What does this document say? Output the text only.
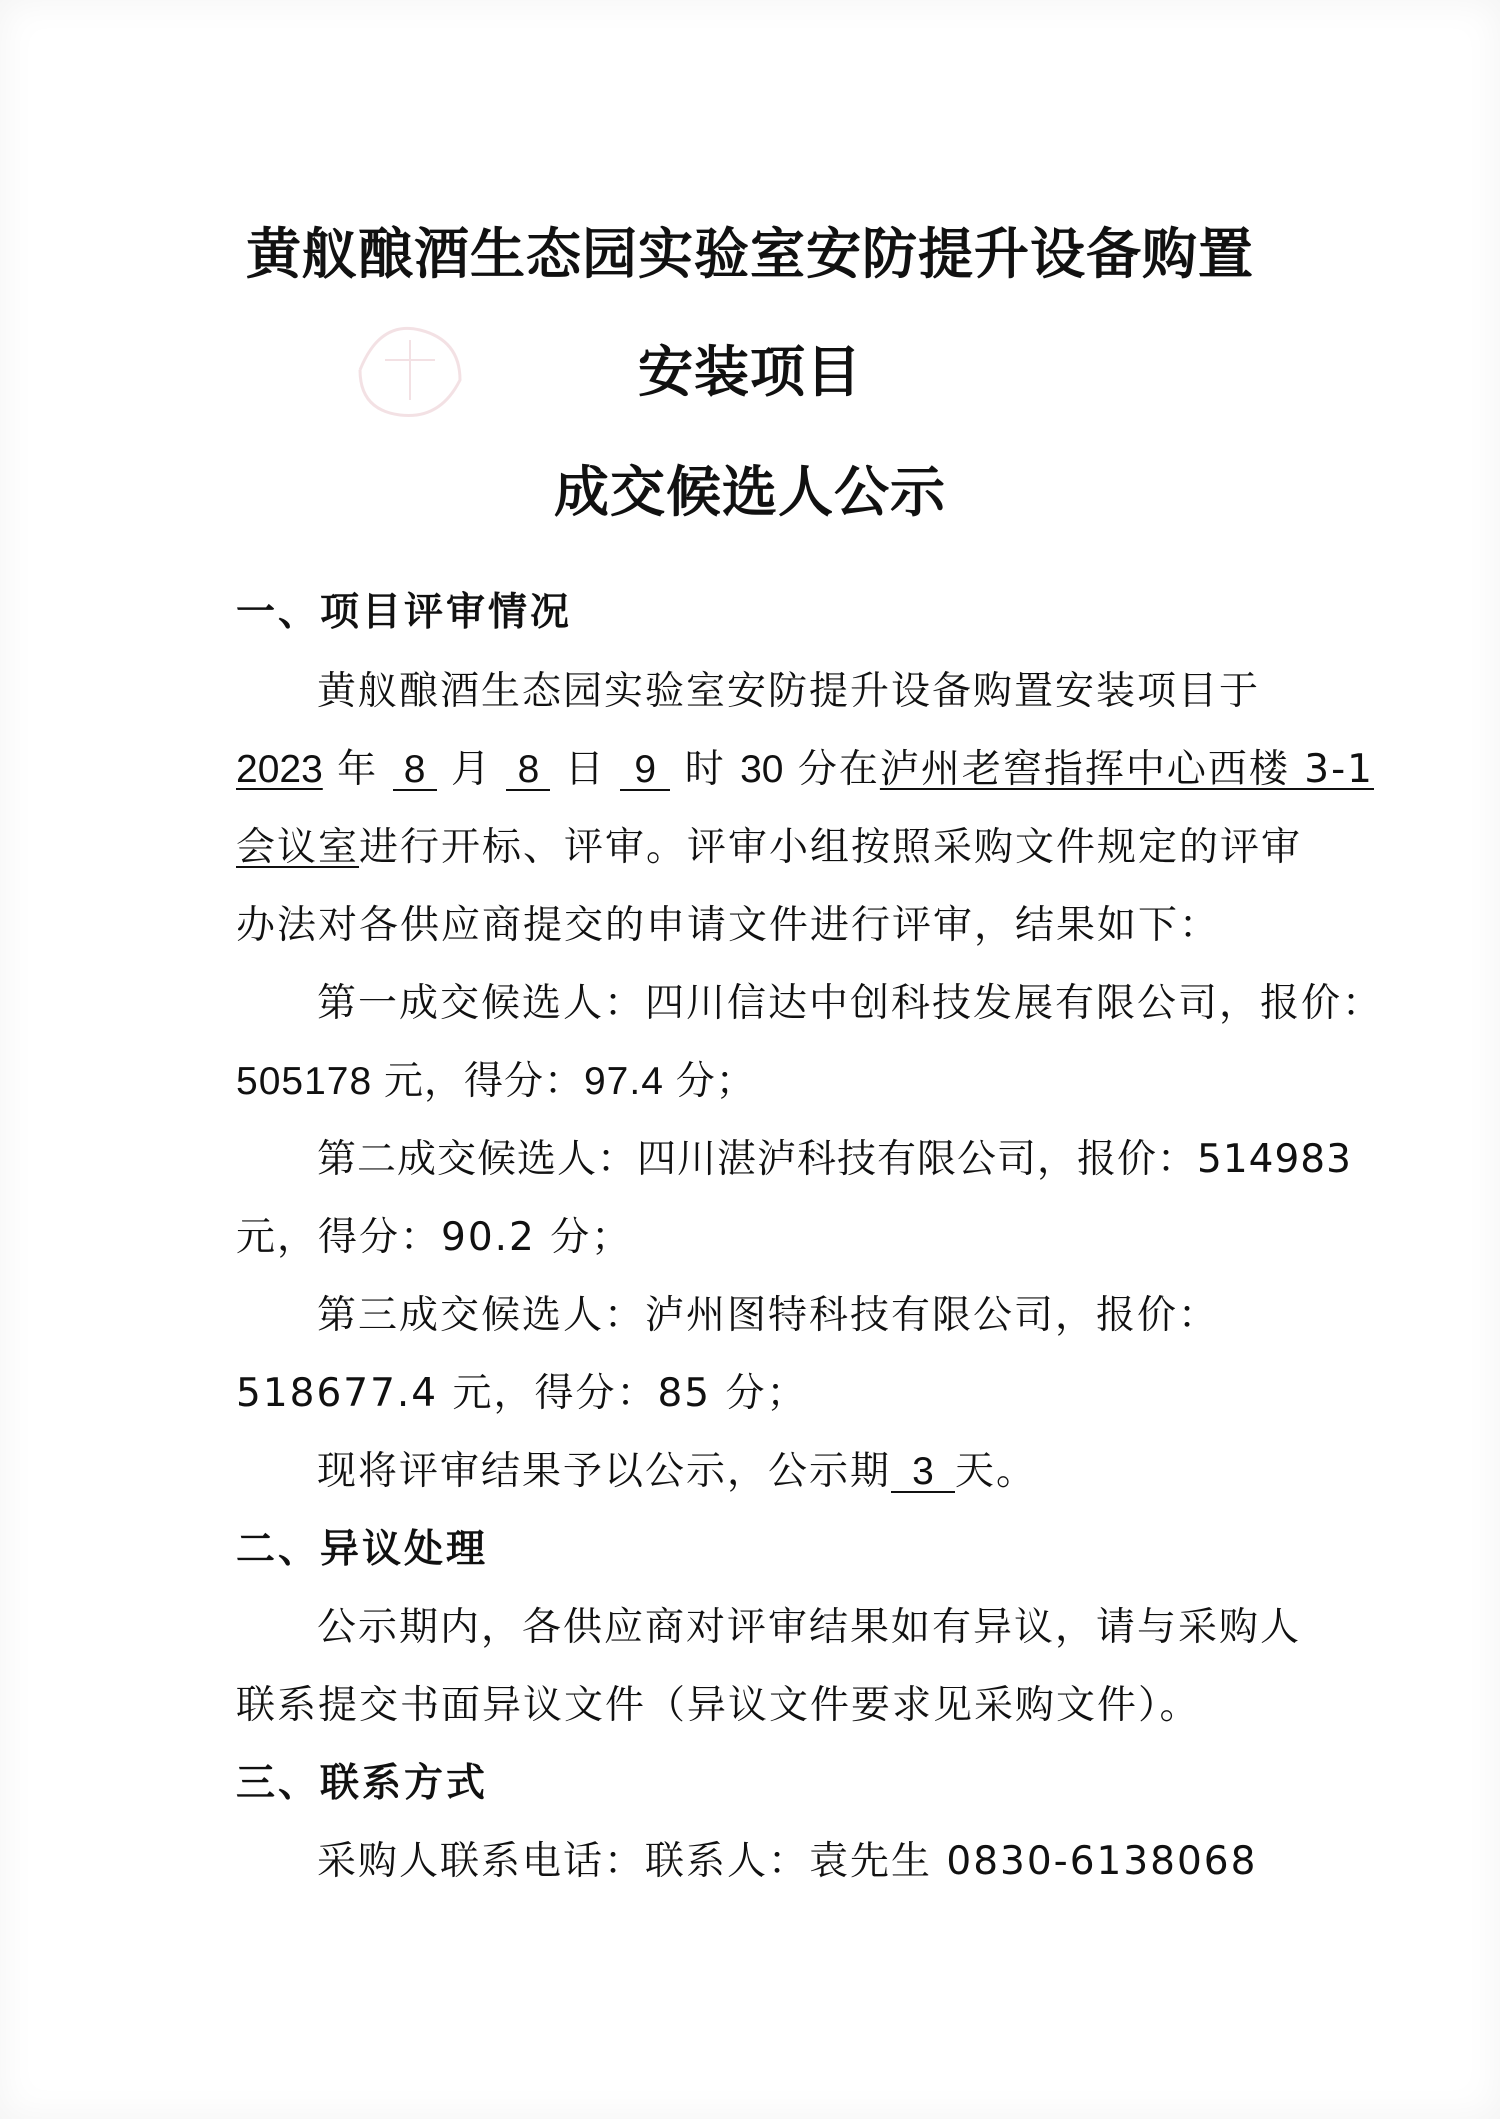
黄舣酿酒生态园实验室安防提升设备购置
安装项目
成交候选人公示
一、项目评审情况
黄舣酿酒生态园实验室安防提升设备购置安装项目于
2023 年 8 月 8 日 9 时 30 分在泸州老窖指挥中心西楼 3-1
会议室进行开标、评审。评审小组按照采购文件规定的评审
办法对各供应商提交的申请文件进行评审，结果如下：
第一成交候选人：四川信达中创科技发展有限公司，报价：
505178 元，得分：97.4 分；
第二成交候选人：四川湛泸科技有限公司，报价：514983
元，得分：90.2 分；
第三成交候选人：泸州图特科技有限公司，报价：
518677.4 元，得分：85 分；
现将评审结果予以公示，公示期 3 天。
二、异议处理
公示期内，各供应商对评审结果如有异议，请与采购人
联系提交书面异议文件（异议文件要求见采购文件）。
三、联系方式
采购人联系电话：联系人：袁先生 0830-6138068
